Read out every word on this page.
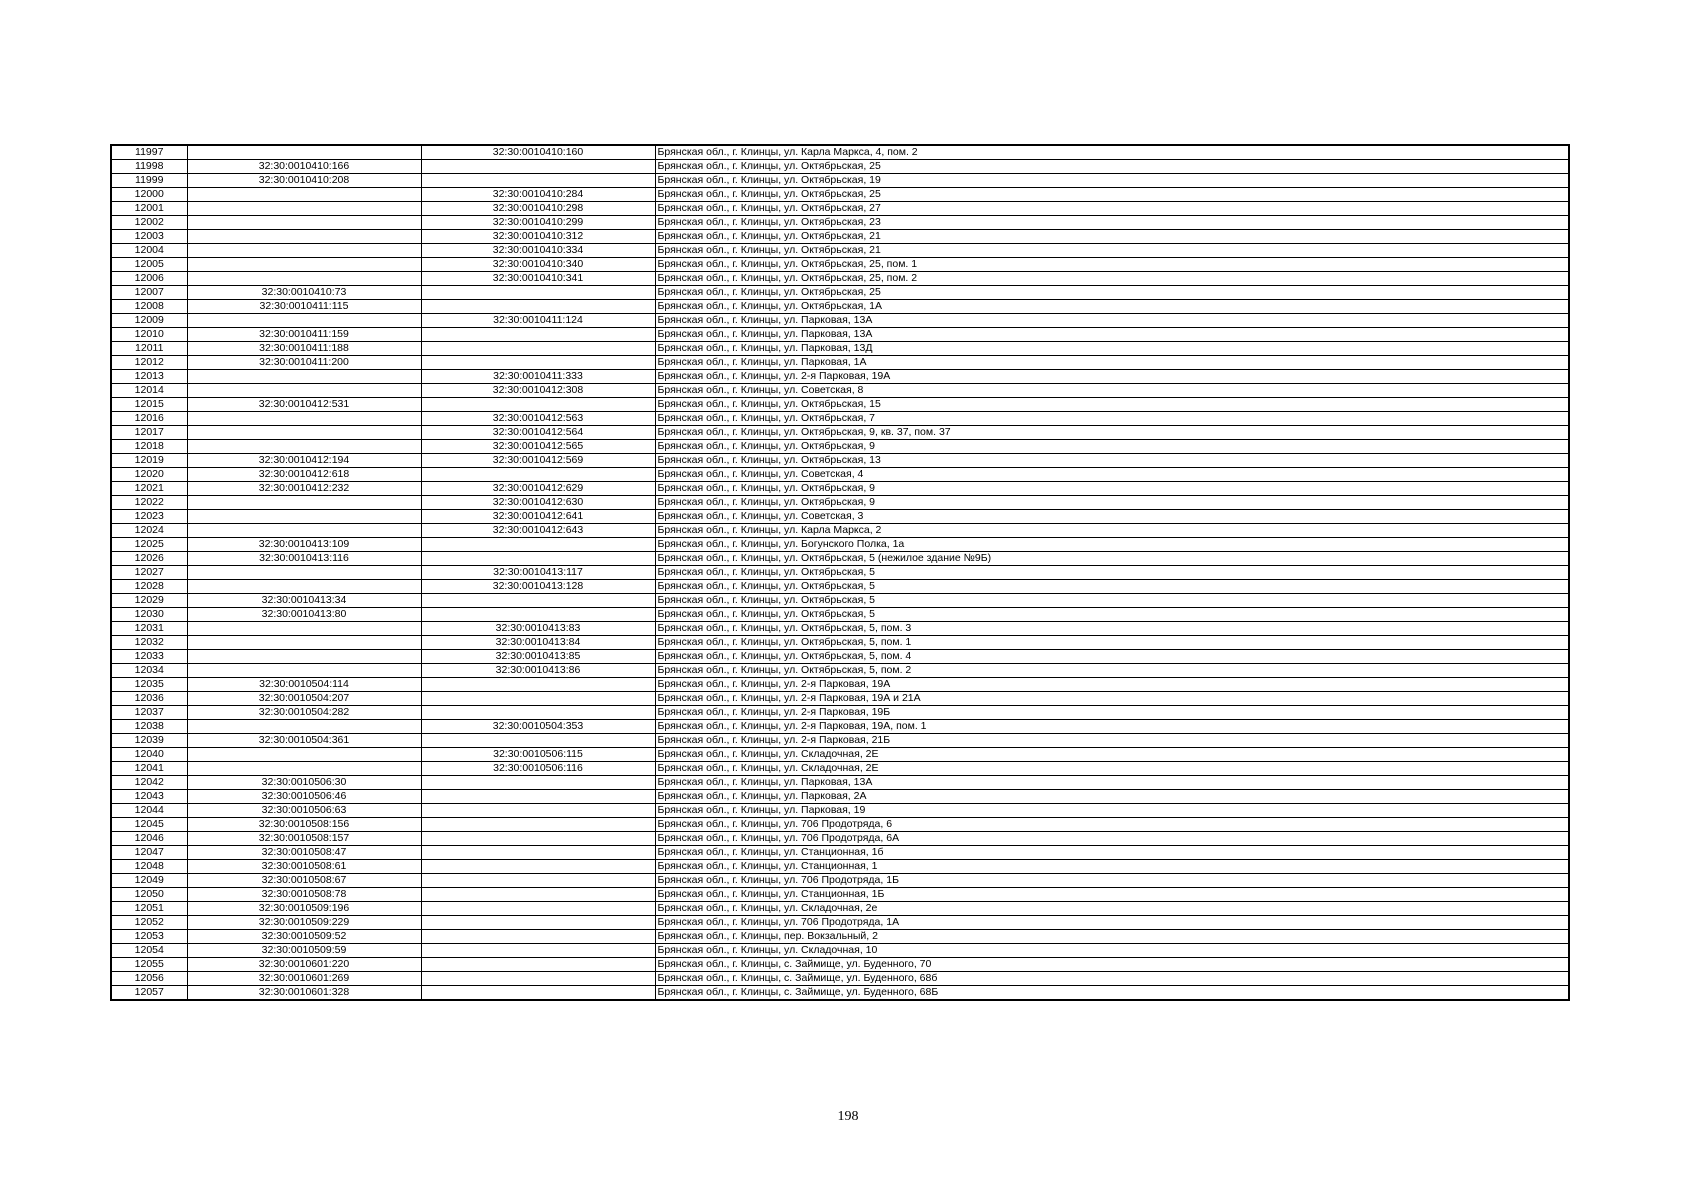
11997		32:30:0010410:160	Брянская обл., г. Клинцы, ул. Карла Маркса, 4, пом. 2
11998	32:30:0010410:166		Брянская обл., г. Клинцы, ул. Октябрьская, 25
11999	32:30:0010410:208		Брянская обл., г. Клинцы, ул. Октябрьская, 19
12000		32:30:0010410:284	Брянская обл., г. Клинцы, ул. Октябрьская, 25
12001		32:30:0010410:298	Брянская обл., г. Клинцы, ул. Октябрьская, 27
12002		32:30:0010410:299	Брянская обл., г. Клинцы, ул. Октябрьская, 23
12003		32:30:0010410:312	Брянская обл., г. Клинцы, ул. Октябрьская, 21
12004		32:30:0010410:334	Брянская обл., г. Клинцы, ул. Октябрьская, 21
12005		32:30:0010410:340	Брянская обл., г. Клинцы, ул. Октябрьская, 25, пом. 1
12006		32:30:0010410:341	Брянская обл., г. Клинцы, ул. Октябрьская, 25, пом. 2
12007	32:30:0010410:73		Брянская обл., г. Клинцы, ул. Октябрьская, 25
12008	32:30:0010411:115		Брянская обл., г. Клинцы, ул. Октябрьская, 1А
12009		32:30:0010411:124	Брянская обл., г. Клинцы, ул. Парковая, 13А
12010	32:30:0010411:159		Брянская обл., г. Клинцы, ул. Парковая, 13А
12011	32:30:0010411:188		Брянская обл., г. Клинцы, ул. Парковая, 13Д
12012	32:30:0010411:200		Брянская обл., г. Клинцы, ул. Парковая, 1А
12013		32:30:0010411:333	Брянская обл., г. Клинцы, ул. 2-я Парковая, 19А
12014		32:30:0010412:308	Брянская обл., г. Клинцы, ул. Советская, 8
12015	32:30:0010412:531		Брянская обл., г. Клинцы, ул. Октябрьская, 15
12016		32:30:0010412:563	Брянская обл., г. Клинцы, ул. Октябрьская, 7
12017		32:30:0010412:564	Брянская обл., г. Клинцы, ул. Октябрьская, 9, кв. 37, пом. 37
12018		32:30:0010412:565	Брянская обл., г. Клинцы, ул. Октябрьская, 9
12019	32:30:0010412:194	32:30:0010412:569	Брянская обл., г. Клинцы, ул. Октябрьская, 13
12020	32:30:0010412:618		Брянская обл., г. Клинцы, ул. Советская, 4
12021	32:30:0010412:232	32:30:0010412:629	Брянская обл., г. Клинцы, ул. Октябрьская, 9
12022		32:30:0010412:630	Брянская обл., г. Клинцы, ул. Октябрьская, 9
12023		32:30:0010412:641	Брянская обл., г. Клинцы, ул. Советская, 3
12024		32:30:0010412:643	Брянская обл., г. Клинцы, ул. Карла Маркса, 2
12025	32:30:0010413:109		Брянская обл., г. Клинцы, ул. Богунского Полка, 1а
12026	32:30:0010413:116		Брянская обл., г. Клинцы, ул. Октябрьская, 5 (нежилое здание №9Б)
12027		32:30:0010413:117	Брянская обл., г. Клинцы, ул. Октябрьская, 5
12028		32:30:0010413:128	Брянская обл., г. Клинцы, ул. Октябрьская, 5
12029	32:30:0010413:34		Брянская обл., г. Клинцы, ул. Октябрьская, 5
12030	32:30:0010413:80		Брянская обл., г. Клинцы, ул. Октябрьская, 5
12031		32:30:0010413:83	Брянская обл., г. Клинцы, ул. Октябрьская, 5, пом. 3
12032		32:30:0010413:84	Брянская обл., г. Клинцы, ул. Октябрьская, 5, пом. 1
12033		32:30:0010413:85	Брянская обл., г. Клинцы, ул. Октябрьская, 5, пом. 4
12034		32:30:0010413:86	Брянская обл., г. Клинцы, ул. Октябрьская, 5, пом. 2
12035	32:30:0010504:114		Брянская обл., г. Клинцы, ул. 2-я Парковая, 19А
12036	32:30:0010504:207		Брянская обл., г. Клинцы, ул. 2-я Парковая, 19А и 21А
12037	32:30:0010504:282		Брянская обл., г. Клинцы, ул. 2-я Парковая, 19Б
12038		32:30:0010504:353	Брянская обл., г. Клинцы, ул. 2-я Парковая, 19А, пом. 1
12039	32:30:0010504:361		Брянская обл., г. Клинцы, ул. 2-я Парковая, 21Б
12040		32:30:0010506:115	Брянская обл., г. Клинцы, ул. Складочная, 2Е
12041		32:30:0010506:116	Брянская обл., г. Клинцы, ул. Складочная, 2Е
12042	32:30:0010506:30		Брянская обл., г. Клинцы, ул. Парковая, 13А
12043	32:30:0010506:46		Брянская обл., г. Клинцы, ул. Парковая, 2А
12044	32:30:0010506:63		Брянская обл., г. Клинцы, ул. Парковая, 19
12045	32:30:0010508:156		Брянская обл., г. Клинцы, ул. 706 Продотряда, 6
12046	32:30:0010508:157		Брянская обл., г. Клинцы, ул. 706 Продотряда, 6А
12047	32:30:0010508:47		Брянская обл., г. Клинцы, ул. Станционная, 1б
12048	32:30:0010508:61		Брянская обл., г. Клинцы, ул. Станционная, 1
12049	32:30:0010508:67		Брянская обл., г. Клинцы, ул. 706 Продотряда, 1Б
12050	32:30:0010508:78		Брянская обл., г. Клинцы, ул. Станционная, 1Б
12051	32:30:0010509:196		Брянская обл., г. Клинцы, ул. Складочная, 2е
12052	32:30:0010509:229		Брянская обл., г. Клинцы, ул. 706 Продотряда, 1А
12053	32:30:0010509:52		Брянская обл., г. Клинцы, пер. Вокзальный, 2
12054	32:30:0010509:59		Брянская обл., г. Клинцы, ул. Складочная, 10
12055	32:30:0010601:220		Брянская обл., г. Клинцы, с. Займище, ул. Буденного, 70
12056	32:30:0010601:269		Брянская обл., г. Клинцы, с. Займище, ул. Буденного, 68б
12057	32:30:0010601:328		Брянская обл., г. Клинцы, с. Займище, ул. Буденного, 68Б
198
